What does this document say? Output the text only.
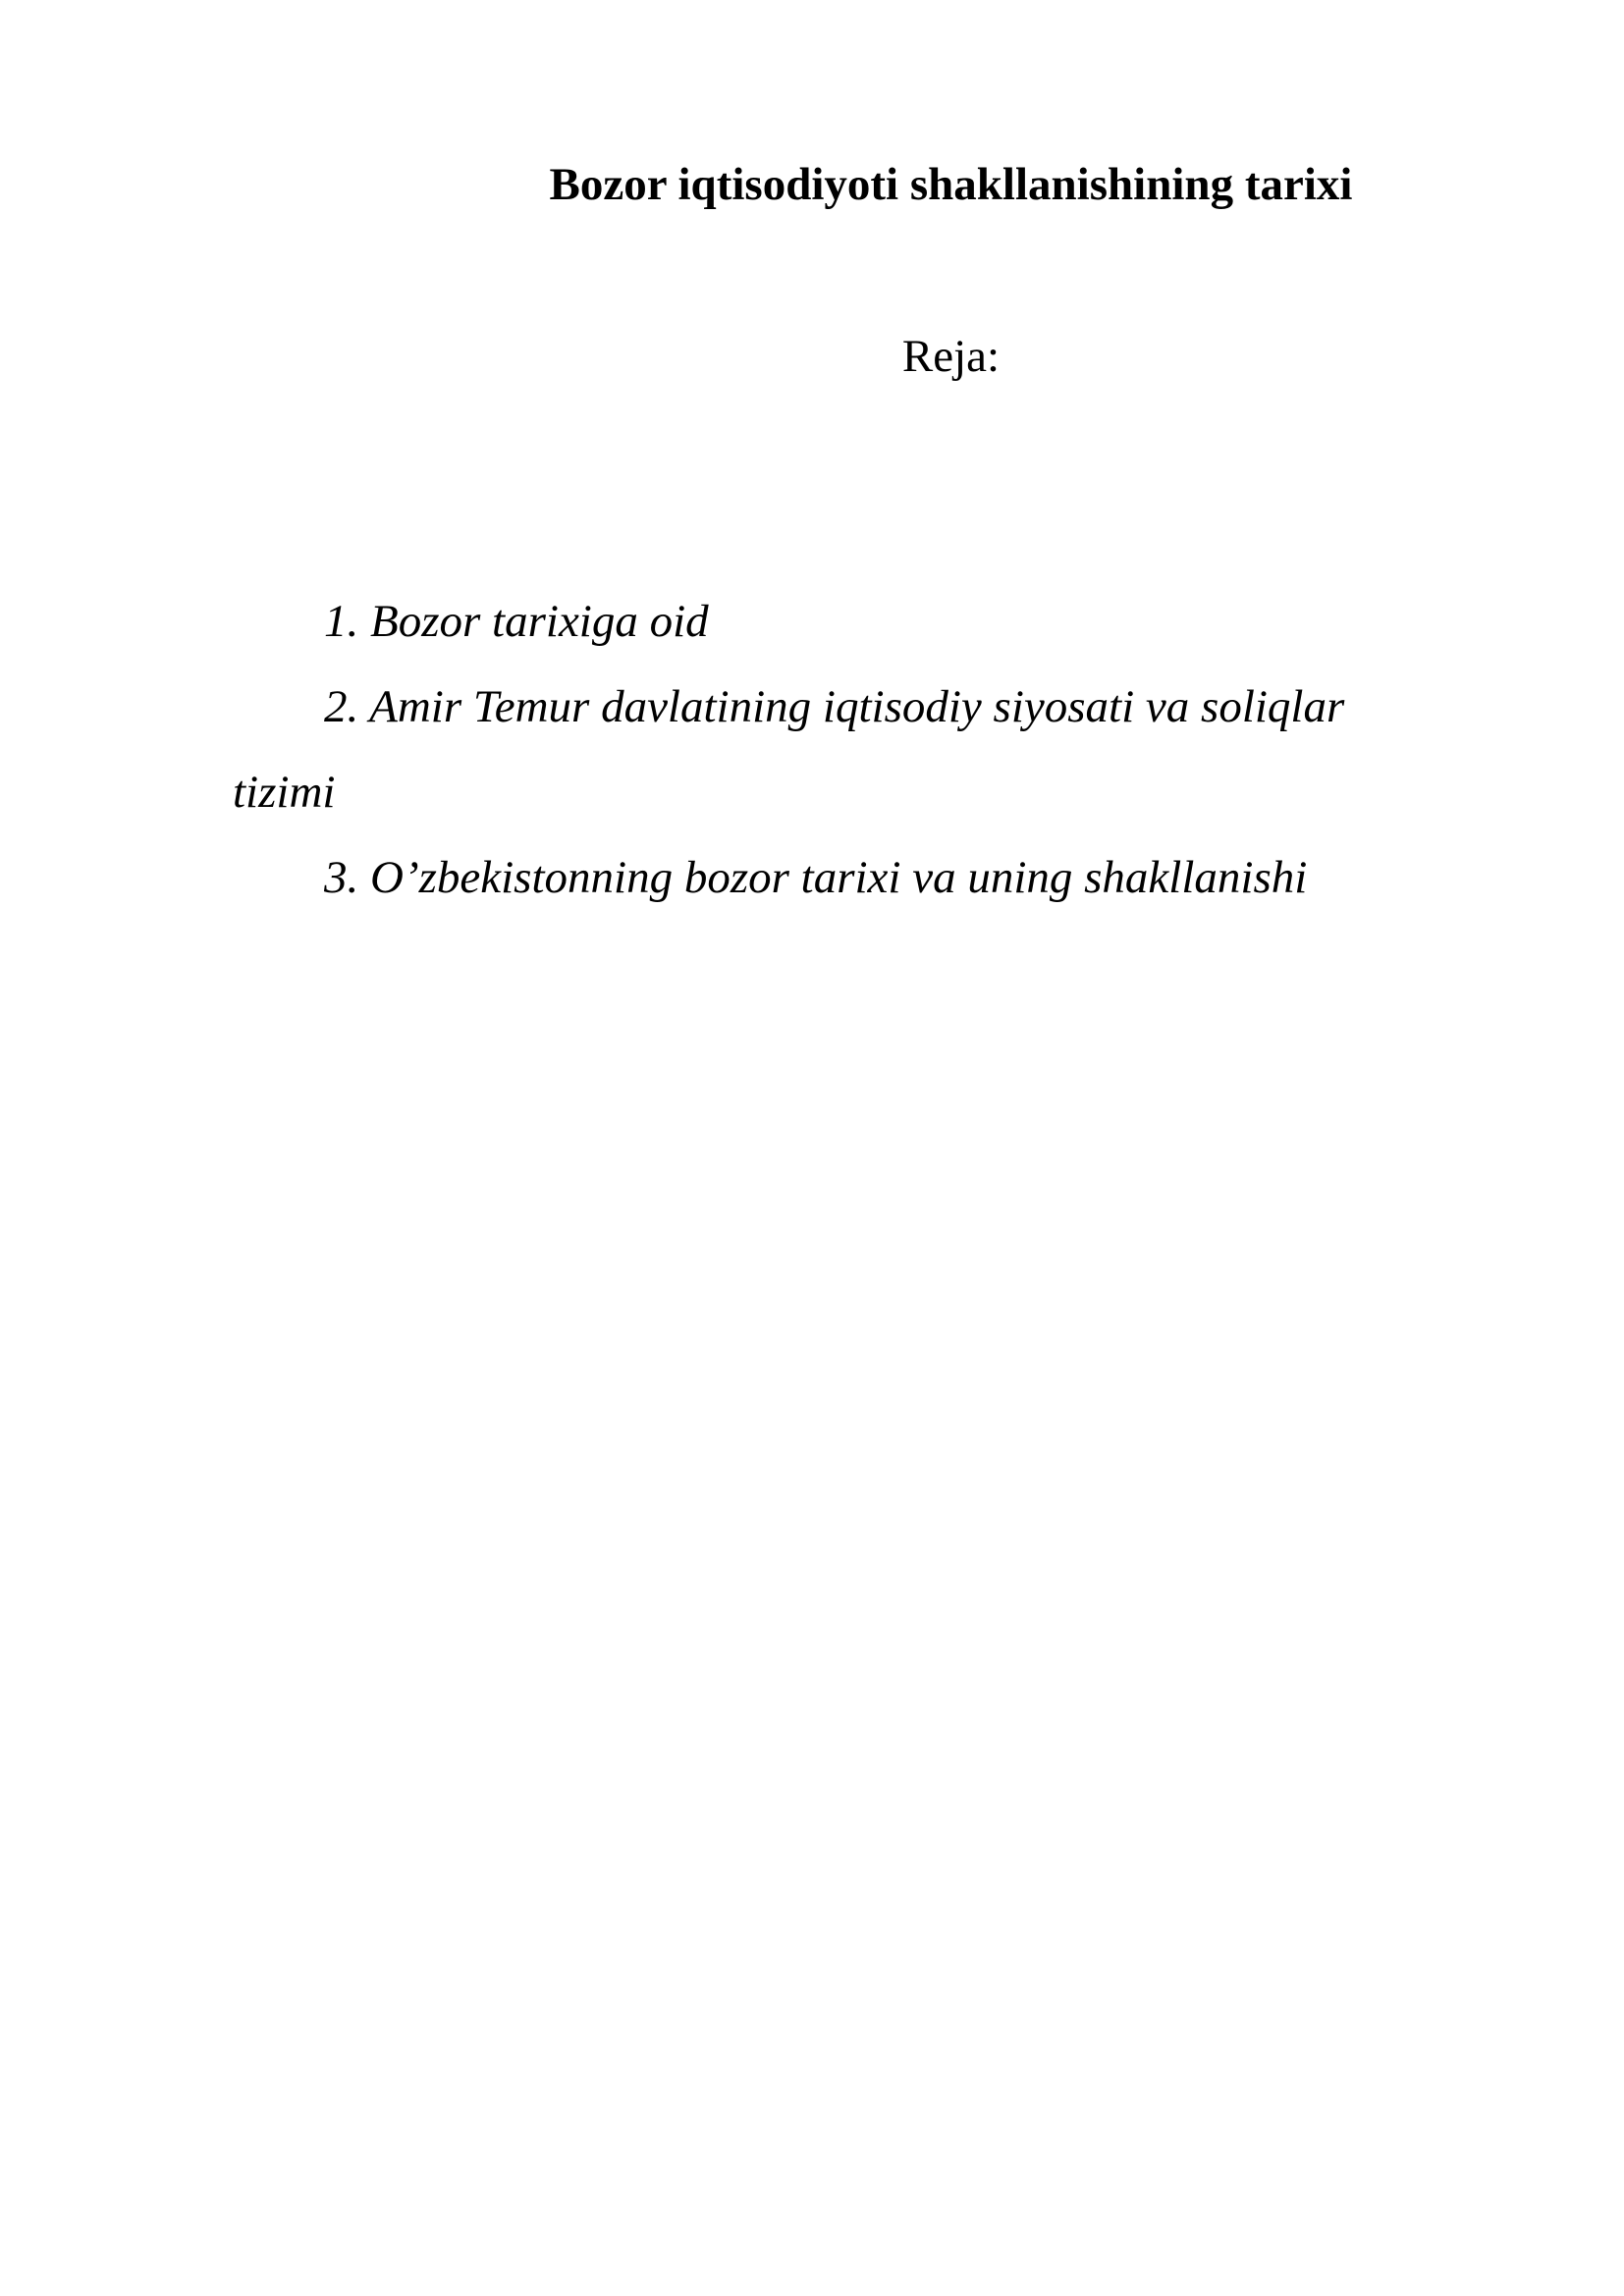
Bozor iqtisodiyoti shakllanishining tarixi
Reja:
1. Bozor tarixiga oid
2. Amir Temur davlatining iqtisodiy siyosati va soliqlar tizimi
3. O’zbekistonning bozor tarixi va uning shakllanishi
